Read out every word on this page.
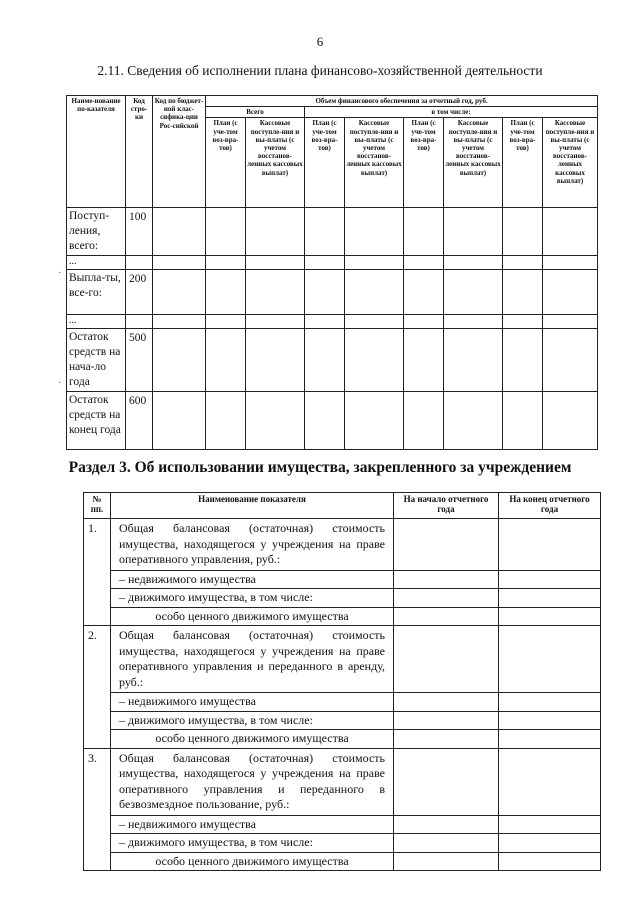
6
2.11. Сведения об исполнении плана финансово-хозяйственной деятельности
Наиме-нование по-казателя	Код стро-ки	Код по бюджет-ной клас-сифика-ции Рос-сийской	Объем финансового обеспечения за отчетный год, руб.							
			Всего		в том числе:					
			План (с уче-том воз-вра-тов)	Кассовые поступле-ния и вы-платы (с учетом восстанов-ленных кассовых выплат)	План (с уче-том воз-вра-тов)	Кассовые поступле-ния и вы-платы (с учетом восстанов-ленных кассовых выплат)	План (с уче-том воз-вра-тов)	Кассовые поступле-ния и вы-платы (с учетом восстанов-ленных кассовых выплат)	План (с уче-том воз-вра-тов)	Кассовые поступле-ния и вы-платы (с учетом восстанов-ленных кассовых выплат)
Поступ-ления, всего:	100									
...										
Выпла-ты, все-го:	200									
...										
Остаток средств на нача-ло года	500									
Остаток средств на конец года	600									
·
·
Раздел 3. Об использовании имущества, закрепленного за учреждением
№ пп.	Наименование показателя	На начало отчетного года	На конец отчетного года
1.	Общая балансовая (остаточная) стоимость имущества, находящегося у учреждения на праве оперативного управления, руб.:		
	– недвижимого имущества		
	– движимого имущества, в том числе:		
	особо ценного движимого имущества		
2.	Общая балансовая (остаточная) стоимость имущества, находящегося у учреждения на праве оперативного управления и переданного в аренду, руб.:		
	– недвижимого имущества		
	– движимого имущества, в том числе:		
	особо ценного движимого имущества		
3.	Общая балансовая (остаточная) стоимость имущества, находящегося у учреждения на праве оперативного управления и переданного в безвозмездное пользование, руб.:		
	– недвижимого имущества		
	– движимого имущества, в том числе:		
	особо ценного движимого имущества		
